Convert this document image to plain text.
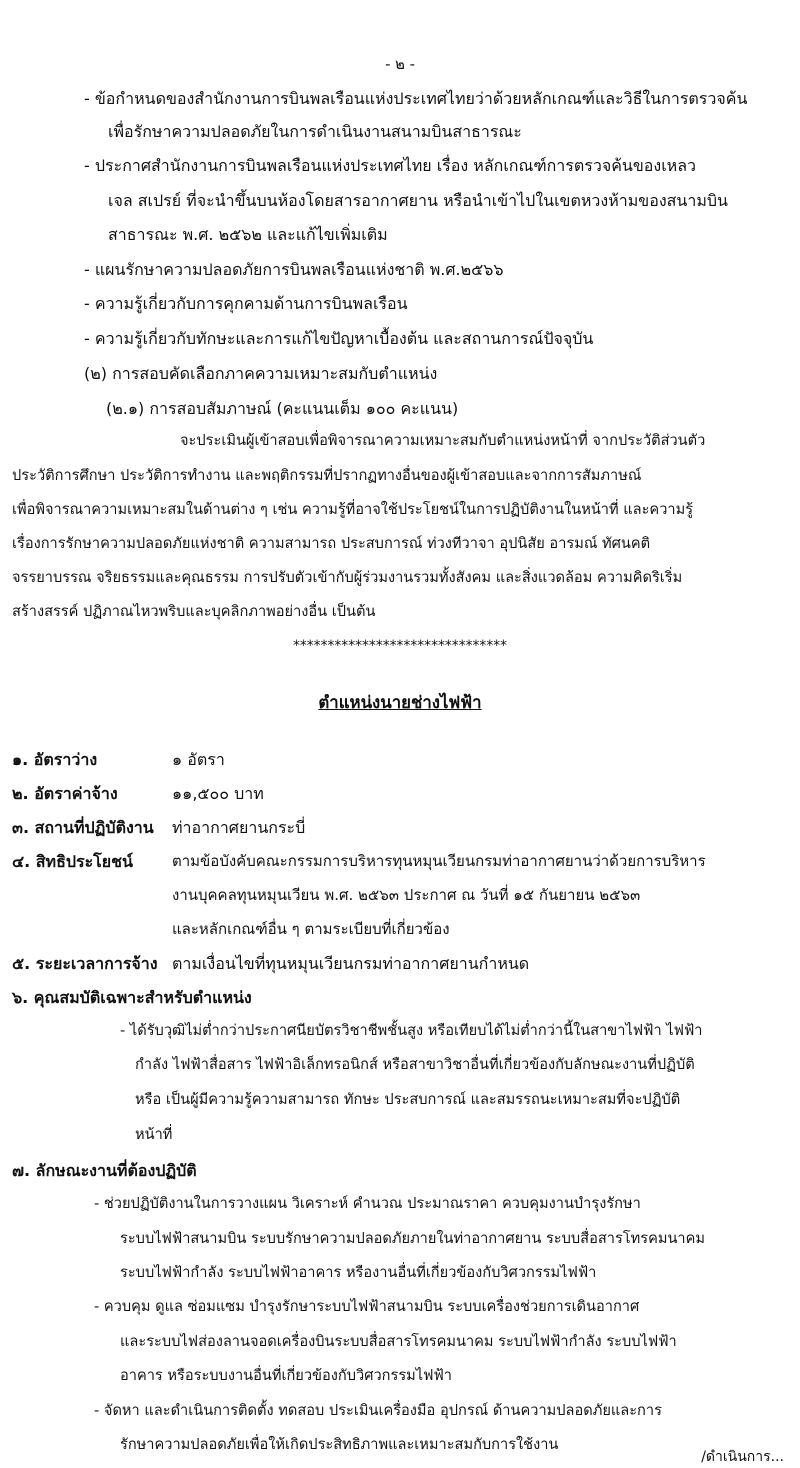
- ๒ -
- ข้อกำหนดของสำนักงานการบินพลเรือนแห่งประเทศไทยว่าด้วยหลักเกณฑ์และวิธีในการตรวจค้น
เพื่อรักษาความปลอดภัยในการดำเนินงานสนามบินสาธารณะ
- ประกาศสำนักงานการบินพลเรือนแห่งประเทศไทย เรื่อง หลักเกณฑ์การตรวจค้นของเหลว
เจล สเปรย์ ที่จะนำขึ้นบนห้องโดยสารอากาศยาน หรือนำเข้าไปในเขตหวงห้ามของสนามบิน
สาธารณะ พ.ศ. ๒๕๖๒ และแก้ไขเพิ่มเติม
- แผนรักษาความปลอดภัยการบินพลเรือนแห่งชาติ พ.ศ.๒๕๖๖
- ความรู้เกี่ยวกับการคุกคามด้านการบินพลเรือน
- ความรู้เกี่ยวกับทักษะและการแก้ไขปัญหาเบื้องต้น และสถานการณ์ปัจจุบัน
(๒) การสอบคัดเลือกภาคความเหมาะสมกับตำแหน่ง
(๒.๑) การสอบสัมภาษณ์ (คะแนนเต็ม ๑๐๐ คะแนน)
จะประเมินผู้เข้าสอบเพื่อพิจารณาความเหมาะสมกับตำแหน่งหน้าที่ จากประวัติส่วนตัว
ประวัติการศึกษา ประวัติการทำงาน และพฤติกรรมที่ปรากฏทางอื่นของผู้เข้าสอบและจากการสัมภาษณ์
เพื่อพิจารณาความเหมาะสมในด้านต่าง ๆ เช่น ความรู้ที่อาจใช้ประโยชน์ในการปฏิบัติงานในหน้าที่ และความรู้
เรื่องการรักษาความปลอดภัยแห่งชาติ ความสามารถ ประสบการณ์ ท่วงทีวาจา อุปนิสัย อารมณ์ ทัศนคติ
จรรยาบรรณ จริยธรรมและคุณธรรม การปรับตัวเข้ากับผู้ร่วมงานรวมทั้งสังคม และสิ่งแวดล้อม ความคิดริเริ่ม
สร้างสรรค์ ปฏิภาณไหวพริบและบุคลิกภาพอย่างอื่น เป็นต้น
*******************************
ตำแหน่งนายช่างไฟฟ้า
๑. อัตราว่าง	๑ อัตรา
๒. อัตราค่าจ้าง	๑๑,๕๐๐ บาท
๓. สถานที่ปฏิบัติงาน ท่าอากาศยานกระบี่
๔. สิทธิประโยชน์	ตามข้อบังคับคณะกรรมการบริหารทุนหมุนเวียนกรมท่าอากาศยานว่าด้วยการบริหาร
งานบุคคลทุนหมุนเวียน พ.ศ. ๒๕๖๓ ประกาศ ณ วันที่ ๑๕ กันยายน ๒๕๖๓
และหลักเกณฑ์อื่น ๆ ตามระเบียบที่เกี่ยวข้อง
๕. ระยะเวลาการจ้าง ตามเงื่อนไขที่ทุนหมุนเวียนกรมท่าอากาศยานกำหนด
๖. คุณสมบัติเฉพาะสำหรับตำแหน่ง
- ได้รับวุฒิไม่ต่ำกว่าประกาศนียบัตรวิชาชีพชั้นสูง หรือเทียบได้ไม่ต่ำกว่านี้ในสาขาไฟฟ้า ไฟฟ้า
กำลัง ไฟฟ้าสื่อสาร ไฟฟ้าอิเล็กทรอนิกส์ หรือสาขาวิชาอื่นที่เกี่ยวข้องกับลักษณะงานที่ปฏิบัติ
หรือ เป็นผู้มีความรู้ความสามารถ ทักษะ ประสบการณ์ และสมรรถนะเหมาะสมที่จะปฏิบัติ
หน้าที่
๗. ลักษณะงานที่ต้องปฏิบัติ
- ช่วยปฏิบัติงานในการวางแผน วิเคราะห์ คำนวณ ประมาณราคา ควบคุมงานบำรุงรักษา
ระบบไฟฟ้าสนามบิน ระบบรักษาความปลอดภัยภายในท่าอากาศยาน ระบบสื่อสารโทรคมนาคม
ระบบไฟฟ้ากำลัง ระบบไฟฟ้าอาคาร หรืองานอื่นที่เกี่ยวข้องกับวิศวกรรมไฟฟ้า
- ควบคุม ดูแล ซ่อมแซม บำรุงรักษาระบบไฟฟ้าสนามบิน ระบบเครื่องช่วยการเดินอากาศ
และระบบไฟส่องลานจอดเครื่องบินระบบสื่อสารโทรคมนาคม ระบบไฟฟ้ากำลัง ระบบไฟฟ้า
อาคาร หรือระบบงานอื่นที่เกี่ยวข้องกับวิศวกรรมไฟฟ้า
- จัดหา และดำเนินการติดตั้ง ทดสอบ ประเมินเครื่องมือ อุปกรณ์ ด้านความปลอดภัยและการ
รักษาความปลอดภัยเพื่อให้เกิดประสิทธิภาพและเหมาะสมกับการใช้งาน
/ดำเนินการ...
